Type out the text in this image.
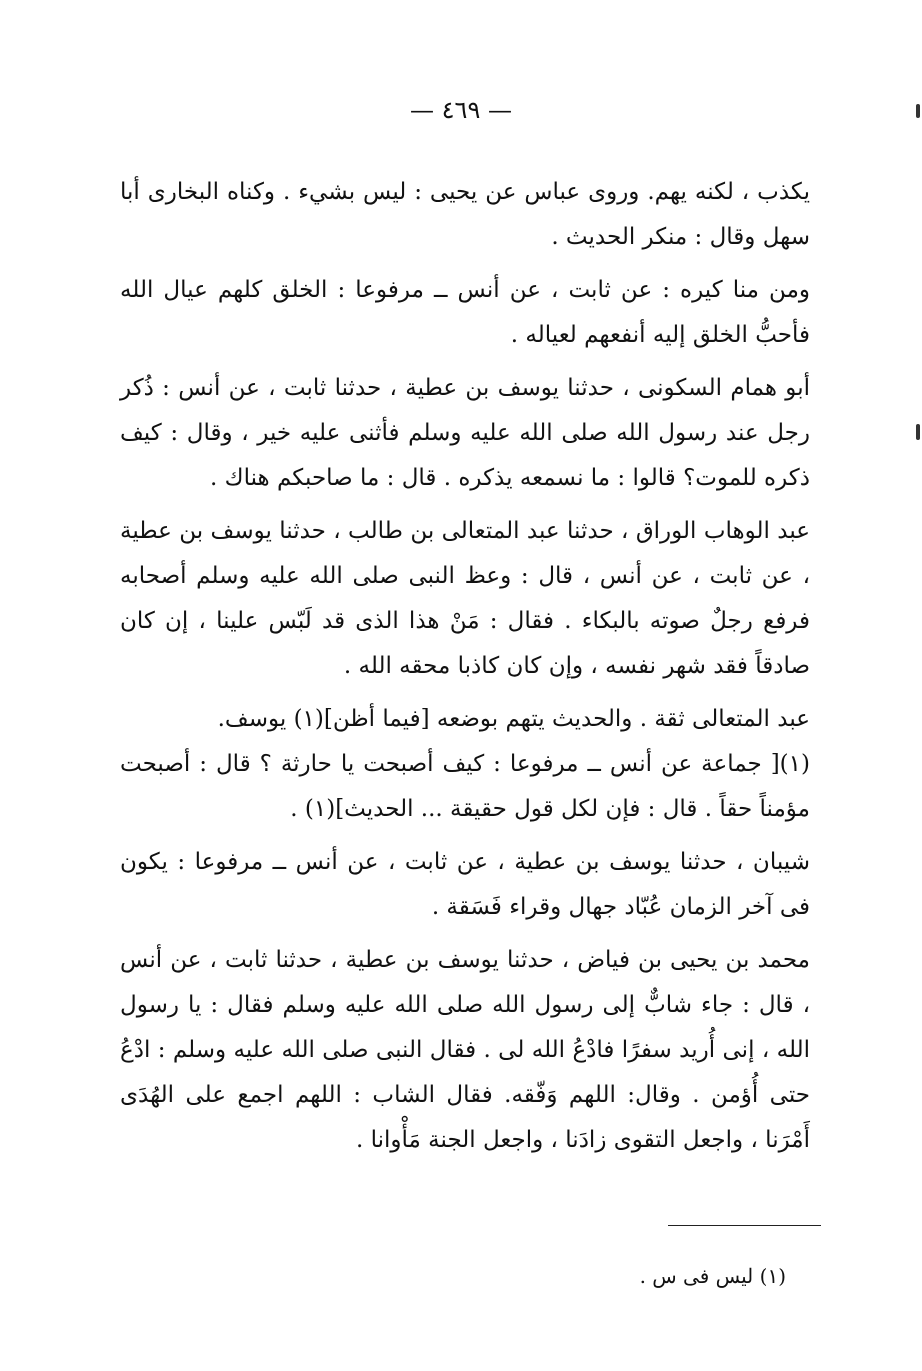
— ٤٦٩ —

يكذب ، لكنه يهم. وروى عباس عن يحيى : ليس بشيء . وكناه البخارى أبا سهل وقال : منكر الحديث .

ومن منا كيره : عن ثابت ، عن أنس ــ مرفوعا : الخلق كلهم عيال الله فأحبُّ الخلق إليه أنفعهم لعياله .

أبو همام السكونى ، حدثنا يوسف بن عطية ، حدثنا ثابت ، عن أنس : ذُكر رجل عند رسول الله صلى الله عليه وسلم فأثنى عليه خير ، وقال : كيف ذكره للموت؟ قالوا : ما نسمعه يذكره . قال : ما صاحبكم هناك .

عبد الوهاب الوراق ، حدثنا عبد المتعالى بن طالب ، حدثنا يوسف بن عطية ، عن ثابت ، عن أنس ، قال : وعظ النبى صلى الله عليه وسلم أصحابه فرفع رجلٌ صوته بالبكاء . فقال : مَنْ هذا الذى قد لَبّس علينا ، إن كان صادقاً فقد شهر نفسه ، وإن كان كاذبا محقه الله .

عبد المتعالى ثقة . والحديث يتهم بوضعه [فيما أظن](١) يوسف.

(١)[ جماعة عن أنس ــ مرفوعا : كيف أصبحت يا حارثة ؟ قال : أصبحت مؤمناً حقاً . قال : فإن لكل قول حقيقة ... الحديث](١) .

شيبان ، حدثنا يوسف بن عطية ، عن ثابت ، عن أنس ــ مرفوعا : يكون فى آخر الزمان عُبّاد جهال وقراء فَسَقة .

محمد بن يحيى بن فياض ، حدثنا يوسف بن عطية ، حدثنا ثابت ، عن أنس ، قال : جاء شابٌّ إلى رسول الله صلى الله عليه وسلم فقال : يا رسول الله ، إنى أُريد سفرًا فادْعُ الله لى . فقال النبى صلى الله عليه وسلم : ادْعُ حتى أُؤمن . وقال: اللهم وَفّقه. فقال الشاب : اللهم اجمع على الهُدَى أَمْرَنا ، واجعل التقوى زادَنا ، واجعل الجنة مَأْوانا .

(١) ليس فى س .
